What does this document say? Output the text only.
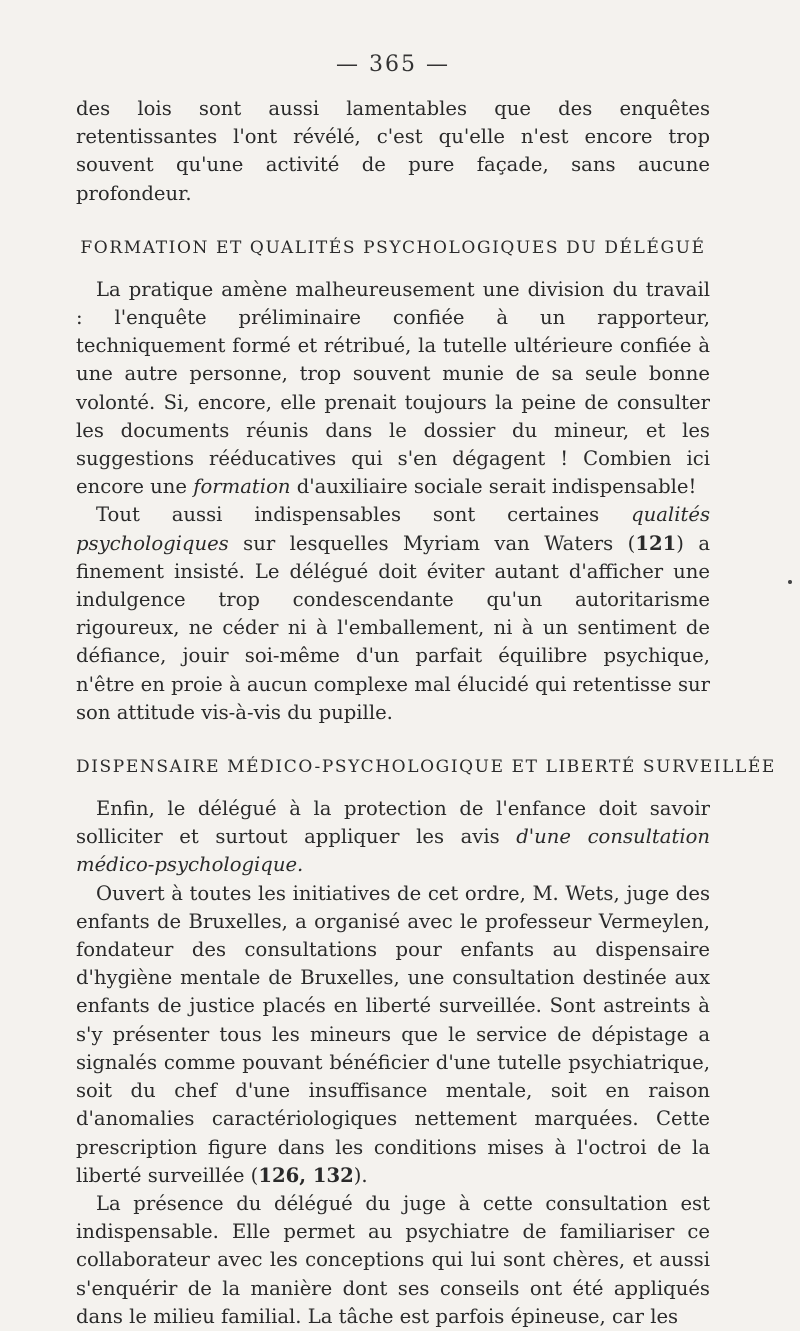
— 365 —

des lois sont aussi lamentables que des enquêtes retentissantes l'ont révélé, c'est qu'elle n'est encore trop souvent qu'une activité de pure façade, sans aucune profondeur.

FORMATION ET QUALITÉS PSYCHOLOGIQUES DU DÉLÉGUÉ

La pratique amène malheureusement une division du travail : l'enquête préliminaire confiée à un rapporteur, techniquement formé et rétribué, la tutelle ultérieure confiée à une autre personne, trop souvent munie de sa seule bonne volonté. Si, encore, elle prenait toujours la peine de consulter les documents réunis dans le dossier du mineur, et les suggestions rééducatives qui s'en dégagent ! Combien ici encore une formation d'auxiliaire sociale serait indispensable!

Tout aussi indispensables sont certaines qualités psychologiques sur lesquelles Myriam van Waters (121) a finement insisté. Le délégué doit éviter autant d'afficher une indulgence trop condescendante qu'un autoritarisme rigoureux, ne céder ni à l'emballement, ni à un sentiment de défiance, jouir soi-même d'un parfait équilibre psychique, n'être en proie à aucun complexe mal élucidé qui retentisse sur son attitude vis-à-vis du pupille.

DISPENSAIRE MÉDICO-PSYCHOLOGIQUE ET LIBERTÉ SURVEILLÉE

Enfin, le délégué à la protection de l'enfance doit savoir solliciter et surtout appliquer les avis d'une consultation médico-psychologique.

Ouvert à toutes les initiatives de cet ordre, M. Wets, juge des enfants de Bruxelles, a organisé avec le professeur Vermeylen, fondateur des consultations pour enfants au dispensaire d'hygiène mentale de Bruxelles, une consultation destinée aux enfants de justice placés en liberté surveillée. Sont astreints à s'y présenter tous les mineurs que le service de dépistage a signalés comme pouvant bénéficier d'une tutelle psychiatrique, soit du chef d'une insuffisance mentale, soit en raison d'anomalies caractériologiques nettement marquées. Cette prescription figure dans les conditions mises à l'octroi de la liberté surveillée (126, 132).

La présence du délégué du juge à cette consultation est indispensable. Elle permet au psychiatre de familiariser ce collaborateur avec les conceptions qui lui sont chères, et aussi s'enquérir de la manière dont ses conseils ont été appliqués dans le milieu familial. La tâche est parfois épineuse, car les
